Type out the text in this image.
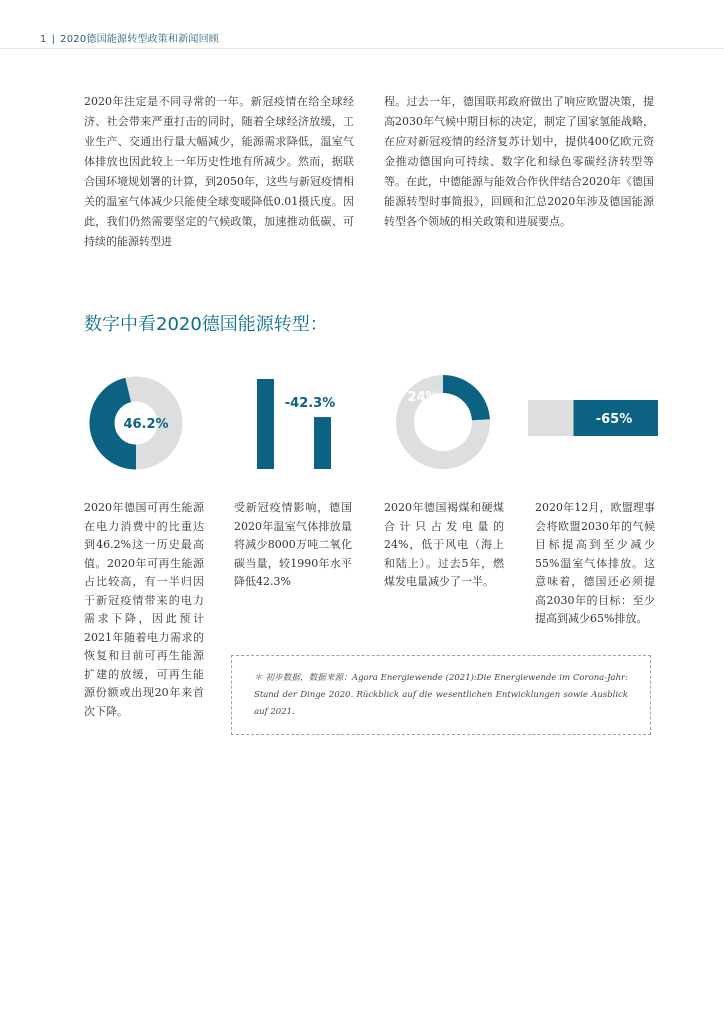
1 | 2020德国能源转型政策和新闻回顾
2020年注定是不同寻常的一年。新冠疫情在给全球经济、社会带来严重打击的同时，随着全球经济放缓，工业生产、交通出行量大幅减少，能源需求降低，温室气体排放也因此较上一年历史性地有所减少。然而，据联合国环境规划署的计算，到2050年，这些与新冠疫情相关的温室气体减少只能使全球变暖降低0.01摄氏度。因此，我们仍然需要坚定的气候政策，加速推动低碳、可持续的能源转型进
程。过去一年，德国联邦政府做出了响应欧盟决策，提高2030年气候中期目标的决定，制定了国家氢能战略，在应对新冠疫情的经济复苏计划中，提供400亿欧元资金推动德国向可持续、数字化和绿色零碳经济转型等等。在此，中德能源与能效合作伙伴结合2020年《德国能源转型时事简报》，回顾和汇总2020年涉及德国能源转型各个领域的相关政策和进展要点。
数字中看2020德国能源转型：
46.2%
-42.3%	24%
-65%
2020年德国可再生能源在电力消费中的比重达到46.2%这一历史最高值。2020年可再生能源占比较高，有一半归因于新冠疫情带来的电力需求下降，因此预计2021年随着电力需求的恢复和目前可再生能源扩建的放缓，可再生能源份额或出现20年来首次下降。
受新冠疫情影响，德国2020年温室气体排放量将减少8000万吨二氧化碳当量，较1990年水平降低42.3%
2020年德国褐煤和硬煤合计只占发电量的24%，低于风电（海上和陆上）。过去5年，燃煤发电量减少了一半。
2020年12月，欧盟理事会将欧盟2030年的气候目标提高到至少减少55%温室气体排放。这意味着，德国还必须提高2030年的目标：至少提高到减少65%排放。
＊ 初步数据，数据来源：Agora Energiewende (2021):Die Energiewende im Corona-Jahr: Stand der Dinge 2020. Rückblick auf die wesentlichen Entwicklungen sowie Ausblick auf 2021.
